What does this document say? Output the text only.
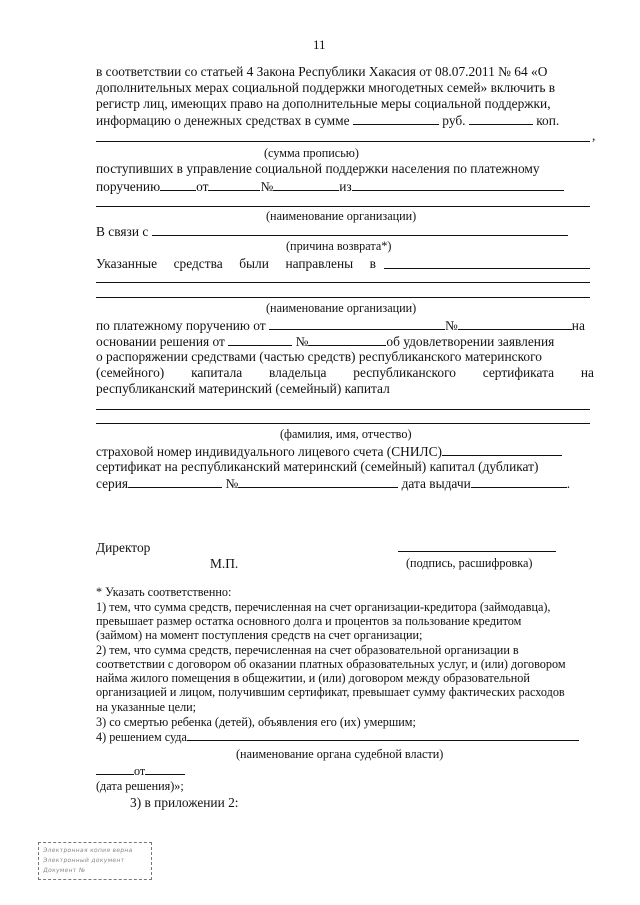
11
в соответствии со статьей 4 Закона Республики Хакасия от 08.07.2011 № 64 «О
дополнительных мерах социальной поддержки многодетных семей» включить в
регистр лиц, имеющих право на дополнительные меры социальной поддержки,
информацию о денежных средствах в сумме	руб.	коп.
,
(сумма прописью)
поступивших в управление социальной поддержки населения по платежному
поручению	от	№	из
(наименование организации)
В связи с
(причина возврата*)
Указанные средства были направлены в
(наименование организации)
по платежному поручению от	№	на
основании решения от	№	об удовлетворении заявления
о распоряжении средствами (частью средств) республиканского материнского
(семейного) капитала владельца республиканского сертификата на
республиканский материнский (семейный) капитал
(фамилия, имя, отчество)
страховой номер индивидуального лицевого счета (СНИЛС)
сертификат на республиканский материнский (семейный) капитал (дубликат)
серия	№	дата выдачи	.
Директор
М.П.	(подпись, расшифровка)
* Указать соответственно:
1) тем, что сумма средств, перечисленная на счет организации-кредитора (займодавца),
превышает размер остатка основного долга и процентов за пользование кредитом
(займом) на момент поступления средств на счет организации;
2) тем, что сумма средств, перечисленная на счет образовательной организации в
соответствии с договором об оказании платных образовательных услуг, и (или) договором
найма жилого помещения в общежитии, и (или) договором между образовательной
организацией и лицом, получившим сертификат, превышает сумму фактических расходов
на указанные цели;
3) со смертью ребенка (детей), объявления его (их) умершим;
4) решением суда
(наименование органа судебной власти)
от
(дата решения)»;
3) в приложении 2:
Электронная копия верна
Электронный документ
Документ №
